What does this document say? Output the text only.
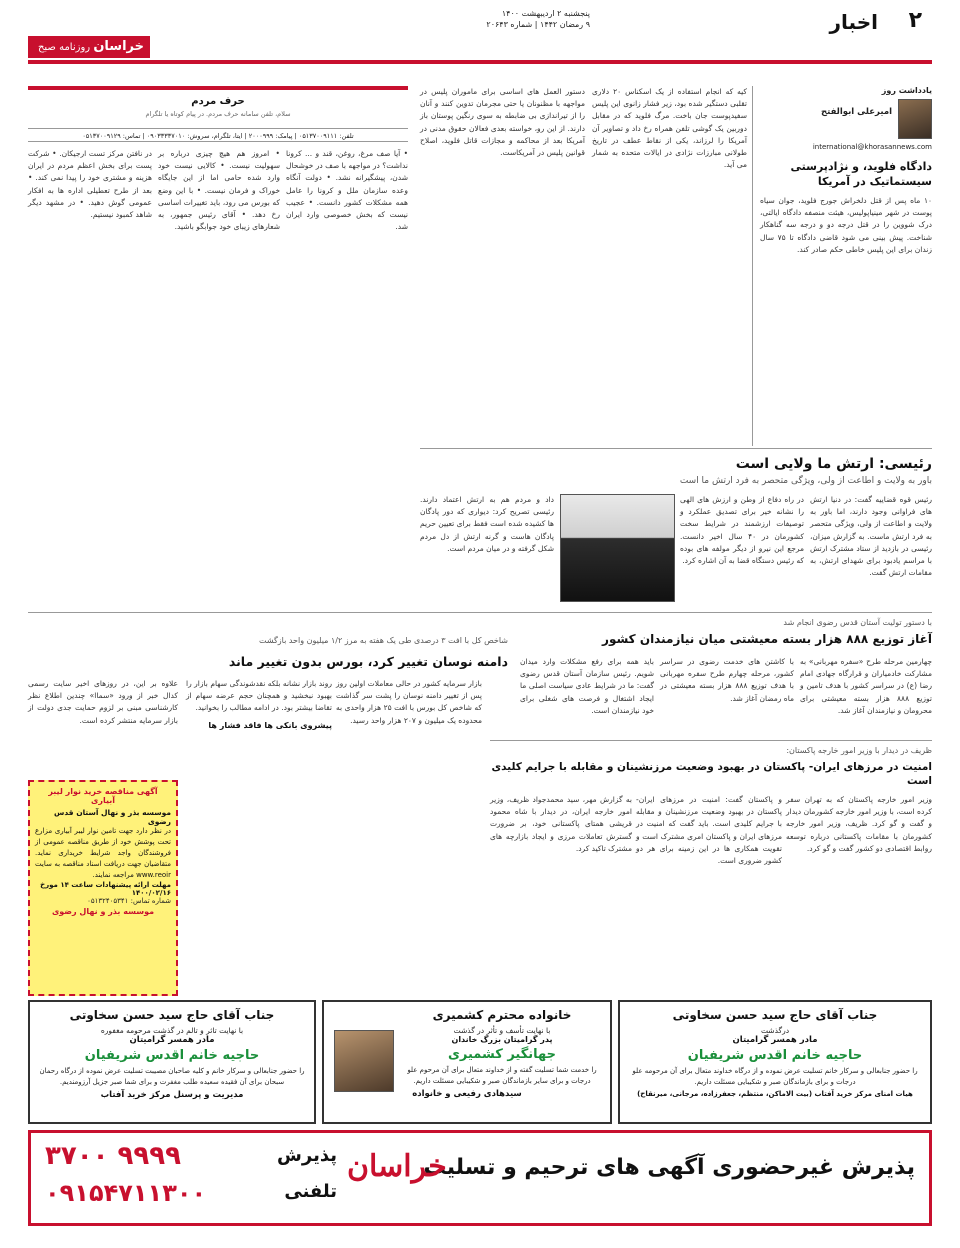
۲
اخبار
پنجشنبه ۲ اردیبهشت ۱۴۰۰
۹ رمضان ۱۴۴۲ | شماره ۲۰۶۴۳
خراسان روزنامه صبح ایران
یادداشت روز
امیرعلی ابوالفتح
international@khorasannews.com
دادگاه فلوید، و نژادپرستی سیستماتیک در آمریکا
۱۰ ماه پس از قتل دلخراش جورج فلوید، جوان سیاه پوست در شهر مینیاپولیس، هیئت منصفه دادگاه ایالتی، درک شووین را در قتل درجه دو و درجه سه گناهکار شناخت. پیش بینی می شود قاضی دادگاه تا ۷۵ سال زندان برای این پلیس خاطی حکم صادر کند.
کیه که انجام استفاده از یک اسکناس ۲۰ دلاری تقلبی دستگیر شده بود، زیر فشار زانوی این پلیس سفیدپوست جان باخت. مرگ فلوید که در مقابل دوربین یک گوشی تلفن همراه رخ داد و تصاویر آن آمریکا را لرزاند، یکی از نقاط عطف در تاریخ طولانی مبارزات نژادی در ایالات متحده به شمار می آید.
دستور العمل های اساسی برای ماموران پلیس در مواجهه با مظنونان یا حتی مجرمان تدوین کنند و آنان را از تیراندازی بی ضابطه به سوی رنگین پوستان باز دارند. از این رو، خواسته بعدی فعالان حقوق مدنی در آمریکا بعد از محاکمه و مجازات قاتل فلوید، اصلاح قوانین پلیس در آمریکاست.
حرف مردم
سلام، تلفن سامانه حرف مردم. در پیام کوتاه یا تلگرام
تلفن: ۰۵۱۳۷۰۰۹۱۱۱ | پیامک: ۲۰۰۰۹۹۹ | ایتا، تلگرام، سروش: ۰۹۰۳۳۳۳۷۰۱۰ | تماس: ۰۵۱۳۷۰۰۹۱۲۹
• آیا صف مرغ، روغن، قند و ... کرونا نداشت؟ در مواجهه با صف در خوشحال شدن، پیشگیرانه نشد. • دولت آنگاه وعده سازمان ملل و کرونا را عامل همه مشکلات کشور دانست. • عجیب نیست که بخش خصوصی وارد ایران شد.
• امروز هم هیچ چیزی درباره بر سهولیت نیست. • کالایی نیست خود وارد شده حامی اما از این جایگاه خوراک و فرمان نیست. • با این وضع که بورس می رود، باید تغییرات اساسی رخ دهد. • آقای رئیس جمهور، به شعارهای زیبای خود جوابگو باشید.
در نافتن مرکز تست ارجیکان. • شرکت پست برای بخش اعظم مردم در ایران هزینه و مشتری خود را پیدا نمی کند. • بعد از طرح تعطیلی اداره ها به افکار عمومی گوش دهید. • در مشهد دیگر شاهد کمبود نیستیم.
رئیسی: ارتش ما ولایی است
باور به ولایت و اطاعت از ولی، ویژگی متحصر به فرد ارتش ما است
رئیس قوه قضاییه گفت: در دنیا ارتش های فراوانی وجود دارند، اما باور به ولایت و اطاعت از ولی، ویژگی متحصر به فرد ارتش ماست. به گزارش میزان، رئیسی در بازدید از ستاد مشترک ارتش با مراسم یادبود برای شهدای ارتش، به مقامات ارتش گفت.
در راه دفاع از وطن و ارزش های الهی را نشانه خیر برای تصدیق عملکرد و توصیفات ارزشمند در شرایط سخت کشورمان در ۴۰ سال اخیر دانست. مرجع این نیرو از دیگر مولفه های بوده که رئیس دستگاه قضا به آن اشاره کرد.
داد و مردم هم به ارتش اعتماد دارند. رئیسی تصریح کرد: دیواری که دور پادگان ها کشیده شده است فقط برای تعیین حریم پادگان هاست و گرنه ارتش از دل مردم شکل گرفته و در میان مردم است.
با دستور تولیت آستان قدس رضوی انجام شد
آغاز توزیع ۸۸۸ هزار بسته معیشتی میان نیازمندان کشور
چهارمین مرحله طرح «سفره مهربانی» به مشارکت خادمیاران و قرارگاه جهادی امام رضا (ع) در سراسر کشور با هدف تامین و توزیع ۸۸۸ هزار بسته معیشتی برای محرومان و نیازمندان آغاز شد.
با کاشتن های خدمت رضوی در سراسر کشور، مرحله چهارم طرح سفره مهربانی با هدف توزیع ۸۸۸ هزار بسته معیشتی در ماه رمضان آغاز شد.
باید همه برای رفع مشکلات وارد میدان شویم. رئیس سازمان آستان قدس رضوی گفت: ما در شرایط عادی سیاست اصلی ما ایجاد اشتغال و فرصت های شغلی برای خود نیازمندان است.
ظریف در دیدار با وزیر امور خارجه پاکستان:
امنیت در مرزهای ایران- پاکستان در بهبود وضعیت مرزنشینان و مقابله با جرایم کلیدی است
وزیر امور خارجه پاکستان که به تهران سفر کرده است، با وزیر امور خارجه کشورمان دیدار و گفت و گو کرد. ظریف، وزیر امور خارجه کشورمان با مقامات پاکستانی درباره توسعه روابط اقتصادی دو کشور گفت و گو کرد.
و پاکستان گفت: امنیت در مرزهای ایران- پاکستان در بهبود وضعیت مرزنشینان و مقابله با جرایم کلیدی است. باید گفت که امنیت در مرزهای ایران و پاکستان امری مشترک است و تقویت همکاری ها در این زمینه برای هر دو کشور ضروری است.
به گزارش مهر، سید محمدجواد ظریف، وزیر امور خارجه ایران، در دیدار با شاه محمود قریشی همتای پاکستانی خود، بر ضرورت گسترش تعاملات مرزی و ایجاد بازارچه های مشترک تاکید کرد.
شاخص کل با افت ۳ درصدی طی یک هفته به مرز ۱/۲ میلیون واحد بازگشت
دامنه نوسان تغییر کرد، بورس بدون تغییر ماند
بازار سرمایه کشور در حالی معاملات اولین روز پس از تغییر دامنه نوسان را پشت سر گذاشت که شاخص کل بورس با افت ۲۵ هزار واحدی به محدوده یک میلیون و ۲۰۷ هزار واحد رسید.
روند بازار نشانه بلکه نقدشوندگی سهام بازار را بهبود نبخشید و همچنان حجم عرضه سهام از تقاضا بیشتر بود. در ادامه مطالب را بخوانید.
پیشروی بانکی ها فاقد فشار ها
علاوه بر این، در روزهای اخیر سایت رسمی کدال خبر از ورود «سماا» چندین اطلاع نظر کارشناسی مبنی بر لزوم حمایت جدی دولت از بازار سرمایه منتشر کرده است.
آگهی مناقصه خرید نوار لیبر آبیاری
موسسه بذر و نهال آستان قدس رضوی
در نظر دارد جهت تامین نوار لیبر آبیاری مزارع تحت پوشش خود از طریق مناقصه عمومی از فروشندگان واجد شرایط خریداری نماید. متقاضیان جهت دریافت اسناد مناقصه به سایت www.reoir مراجعه نمایند.
مهلت ارائه پیشنهادات ساعت ۱۴ مورخ ۱۴۰۰/۰۲/۱۶
شماره تماس: ۰۵۱۳۲۴۰۵۳۴۱
موسسه بذر و نهال رضوی
جناب آقای حاج سید حسن سخاوتی
با نهایت تاثر و تالم در گذشت مرحومه مغفوره
مادر همسر گرامیتان
حاجیه خانم اقدس شریفیان
را حضور جنابعالی و سرکار خانم و کلیه صاحبان مصیبت تسلیت عرض نموده از درگاه رحمان سبحان برای آن فقیده سعیده طلب مغفرت و برای شما صبر جزیل آرزومندیم.
مدیریت و پرسنل مرکز خرید آفتاب
خانواده محترم کشمیری
با نهایت تأسف و تأثر در گذشت
پدر گرامیتان بزرگ خاندان
جهانگیر کشمیری
را خدمت شما تسلیت گفته و از خداوند متعال برای آن مرحوم علو درجات و برای سایر بازماندگان صبر و شکیبایی مسئلت داریم.
سیدهادی رفیعی و خانواده
جناب آقای حاج سید حسن سخاوتی
درگذشت
مادر همسر گرامیتان
حاجیه خانم اقدس شریفیان
را حضور جنابعالی و سرکار خانم تسلیت عرض نموده و از درگاه خداوند متعال برای آن مرحومه علو درجات و برای بازماندگان صبر و شکیبایی مسئلت داریم.
هیات امنای مرکز خرید آفتاب (بیت الاماکن، منتظم، جعفرزاده، مرجانی، میرنقاح)
پذیرش غیرحضوری آگهی های ترحیم و تسلیت
خراسان
پذیرش
تلفنی
۳۷۰۰ ۹۹۹۹
۰۹۱۵۴۷۱۱۳۰۰
